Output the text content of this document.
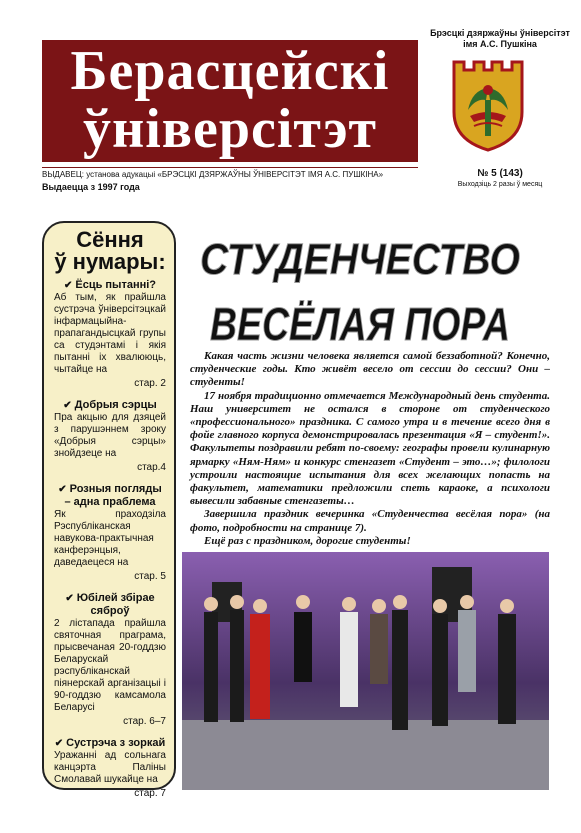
Берасцейскі
ўніверсітэт
ВЫДАВЕЦ: установа адукацыі «БРЭСЦКІ ДЗЯРЖАЎНЫ ЎНІВЕРСІТЭТ ІМЯ А.С. ПУШКІНА»
Выдаецца з 1997 года
Брэсцкі дзяржаўны ўніверсітэт імя А.С. Пушкіна
№ 5 (143)
Выходзіць 2 разы ў месяц
Сёння
ў нумары:
✔ Ёсць пытанні?

Аб тым, як прайшла сустрэча ўніверсітэцкай інфармацыйна-прапагандысцкай групы са студэнтамі і якія пытанні іх хвалююць, чытайце на

стар. 2
✔ Добрыя сэрцы

Пра акцыю для дзяцей з парушэннем зроку «Добрыя сэрцы» знойдзеце на

стар.4
✔ Розныя погляды – адна праблема

Як праходзіла Рэспубліканская навукова-практычная канферэнцыя, даведаецеся на

стар. 5
✔ Юбілей збірае сяброў

2 лістапада прайшла святочная праграма, прысвечаная 20-годдзю Беларускай рэспубліканскай піянерскай арганізацыі і 90-годдзю камсамола Беларусі

стар. 6–7
✔ Сустрэча з зоркай

Уражанні ад сольнага канцэрта Паліны Смолавай шукайце на

стар. 7
СТУДЕНЧЕСТВО
ВЕСЁЛАЯ ПОРА

Какая часть жизни человека является самой беззаботной? Конечно, студенческие годы. Кто живёт весело от сессии до сессии? Они – студенты!

17 ноября традиционно отмечается Международный день студента. Наш университет не остался в стороне от студенческого «профессионального» праздника. С самого утра и в течение всего дня в фойе главного корпуса демонстрировалась презентация «Я – студент!». Факультеты поздравили ребят по-своему: географы провели кулинарную ярмарку «Ням-Ням» и конкурс стенгазет «Студент – это…»; филологи устроили настоящие испытания для всех желающих попасть на факультет, математики предложили спеть караоке, а психологи вывесили забавные стенгазеты…

Завершила праздник вечеринка «Студенчества весёлая пора» (на фото, подробности на странице 7).

Ещё раз с праздником, дорогие студенты!
